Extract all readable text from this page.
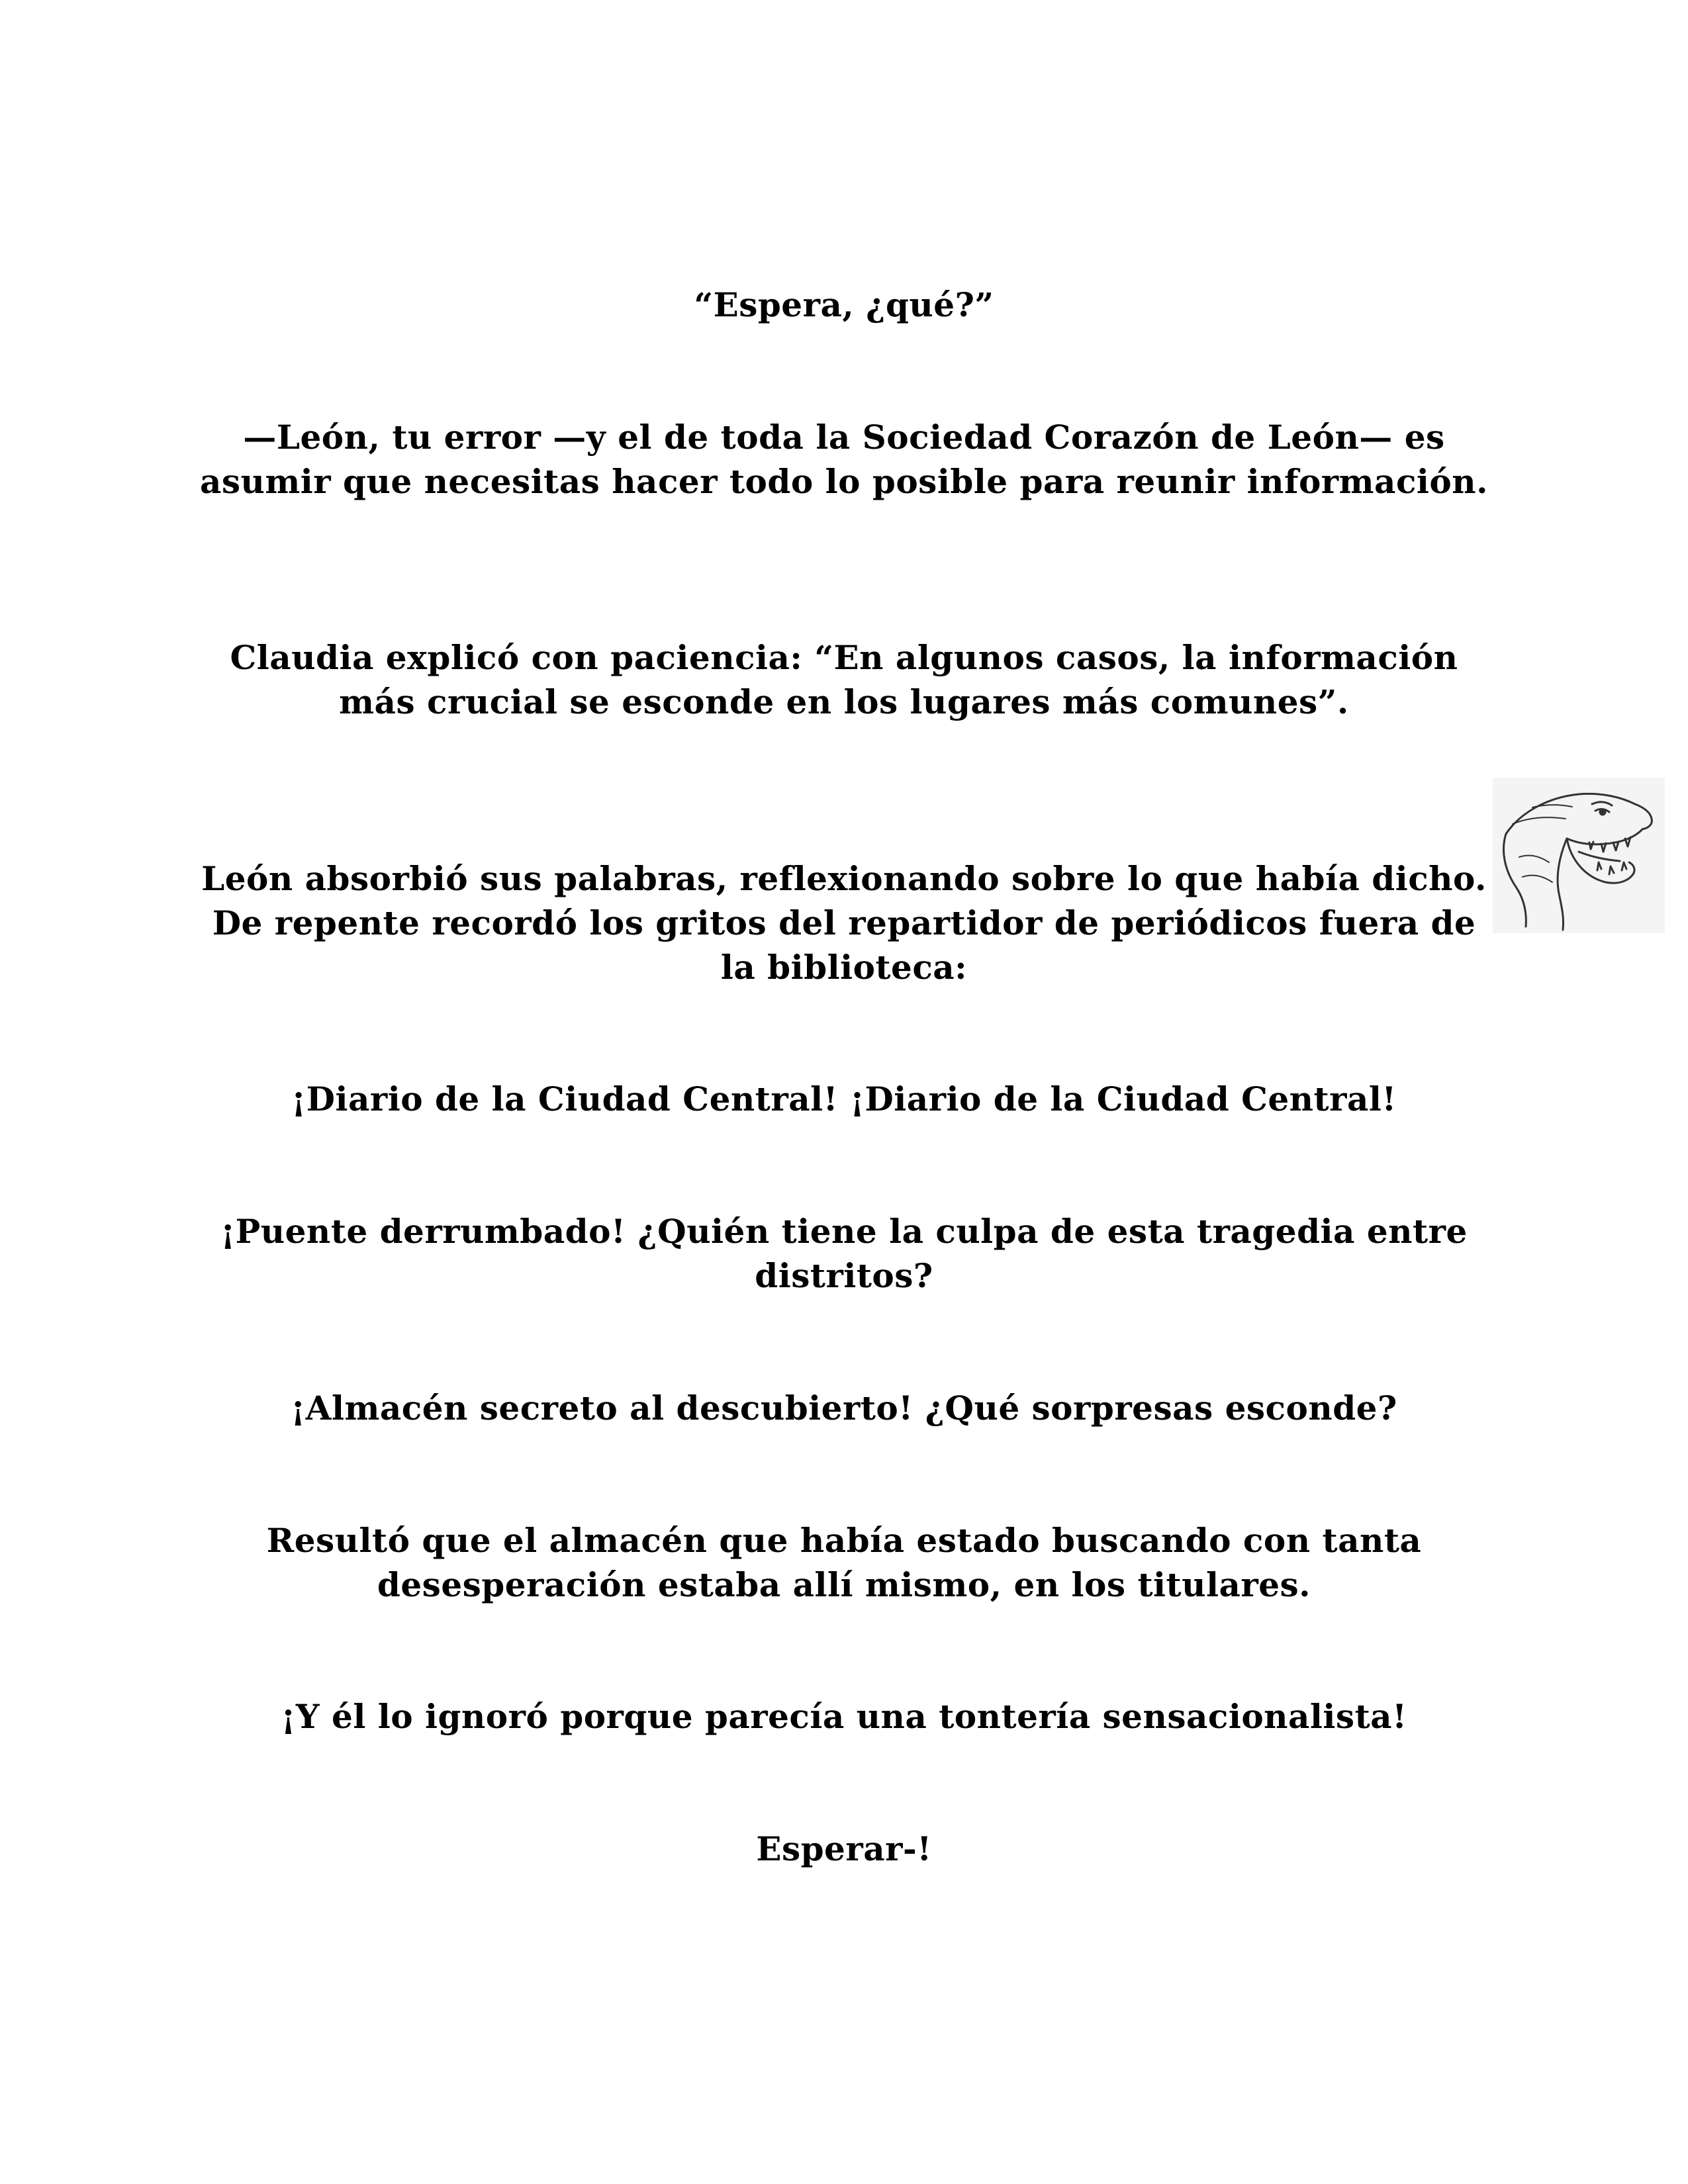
“Espera, ¿qué?”

—León, tu error —y el de toda la Sociedad Corazón de León— es asumir que necesitas hacer todo lo posible para reunir información.

Claudia explicó con paciencia: “En algunos casos, la información más crucial se esconde en los lugares más comunes”.

León absorbió sus palabras, reflexionando sobre lo que había dicho. De repente recordó los gritos del repartidor de periódicos fuera de la biblioteca:

¡Diario de la Ciudad Central! ¡Diario de la Ciudad Central!

¡Puente derrumbado! ¿Quién tiene la culpa de esta tragedia entre distritos?

¡Almacén secreto al descubierto! ¿Qué sorpresas esconde?

Resultó que el almacén que había estado buscando con tanta desesperación estaba allí mismo, en los titulares.

¡Y él lo ignoró porque parecía una tontería sensacionalista!

Esperar-!
